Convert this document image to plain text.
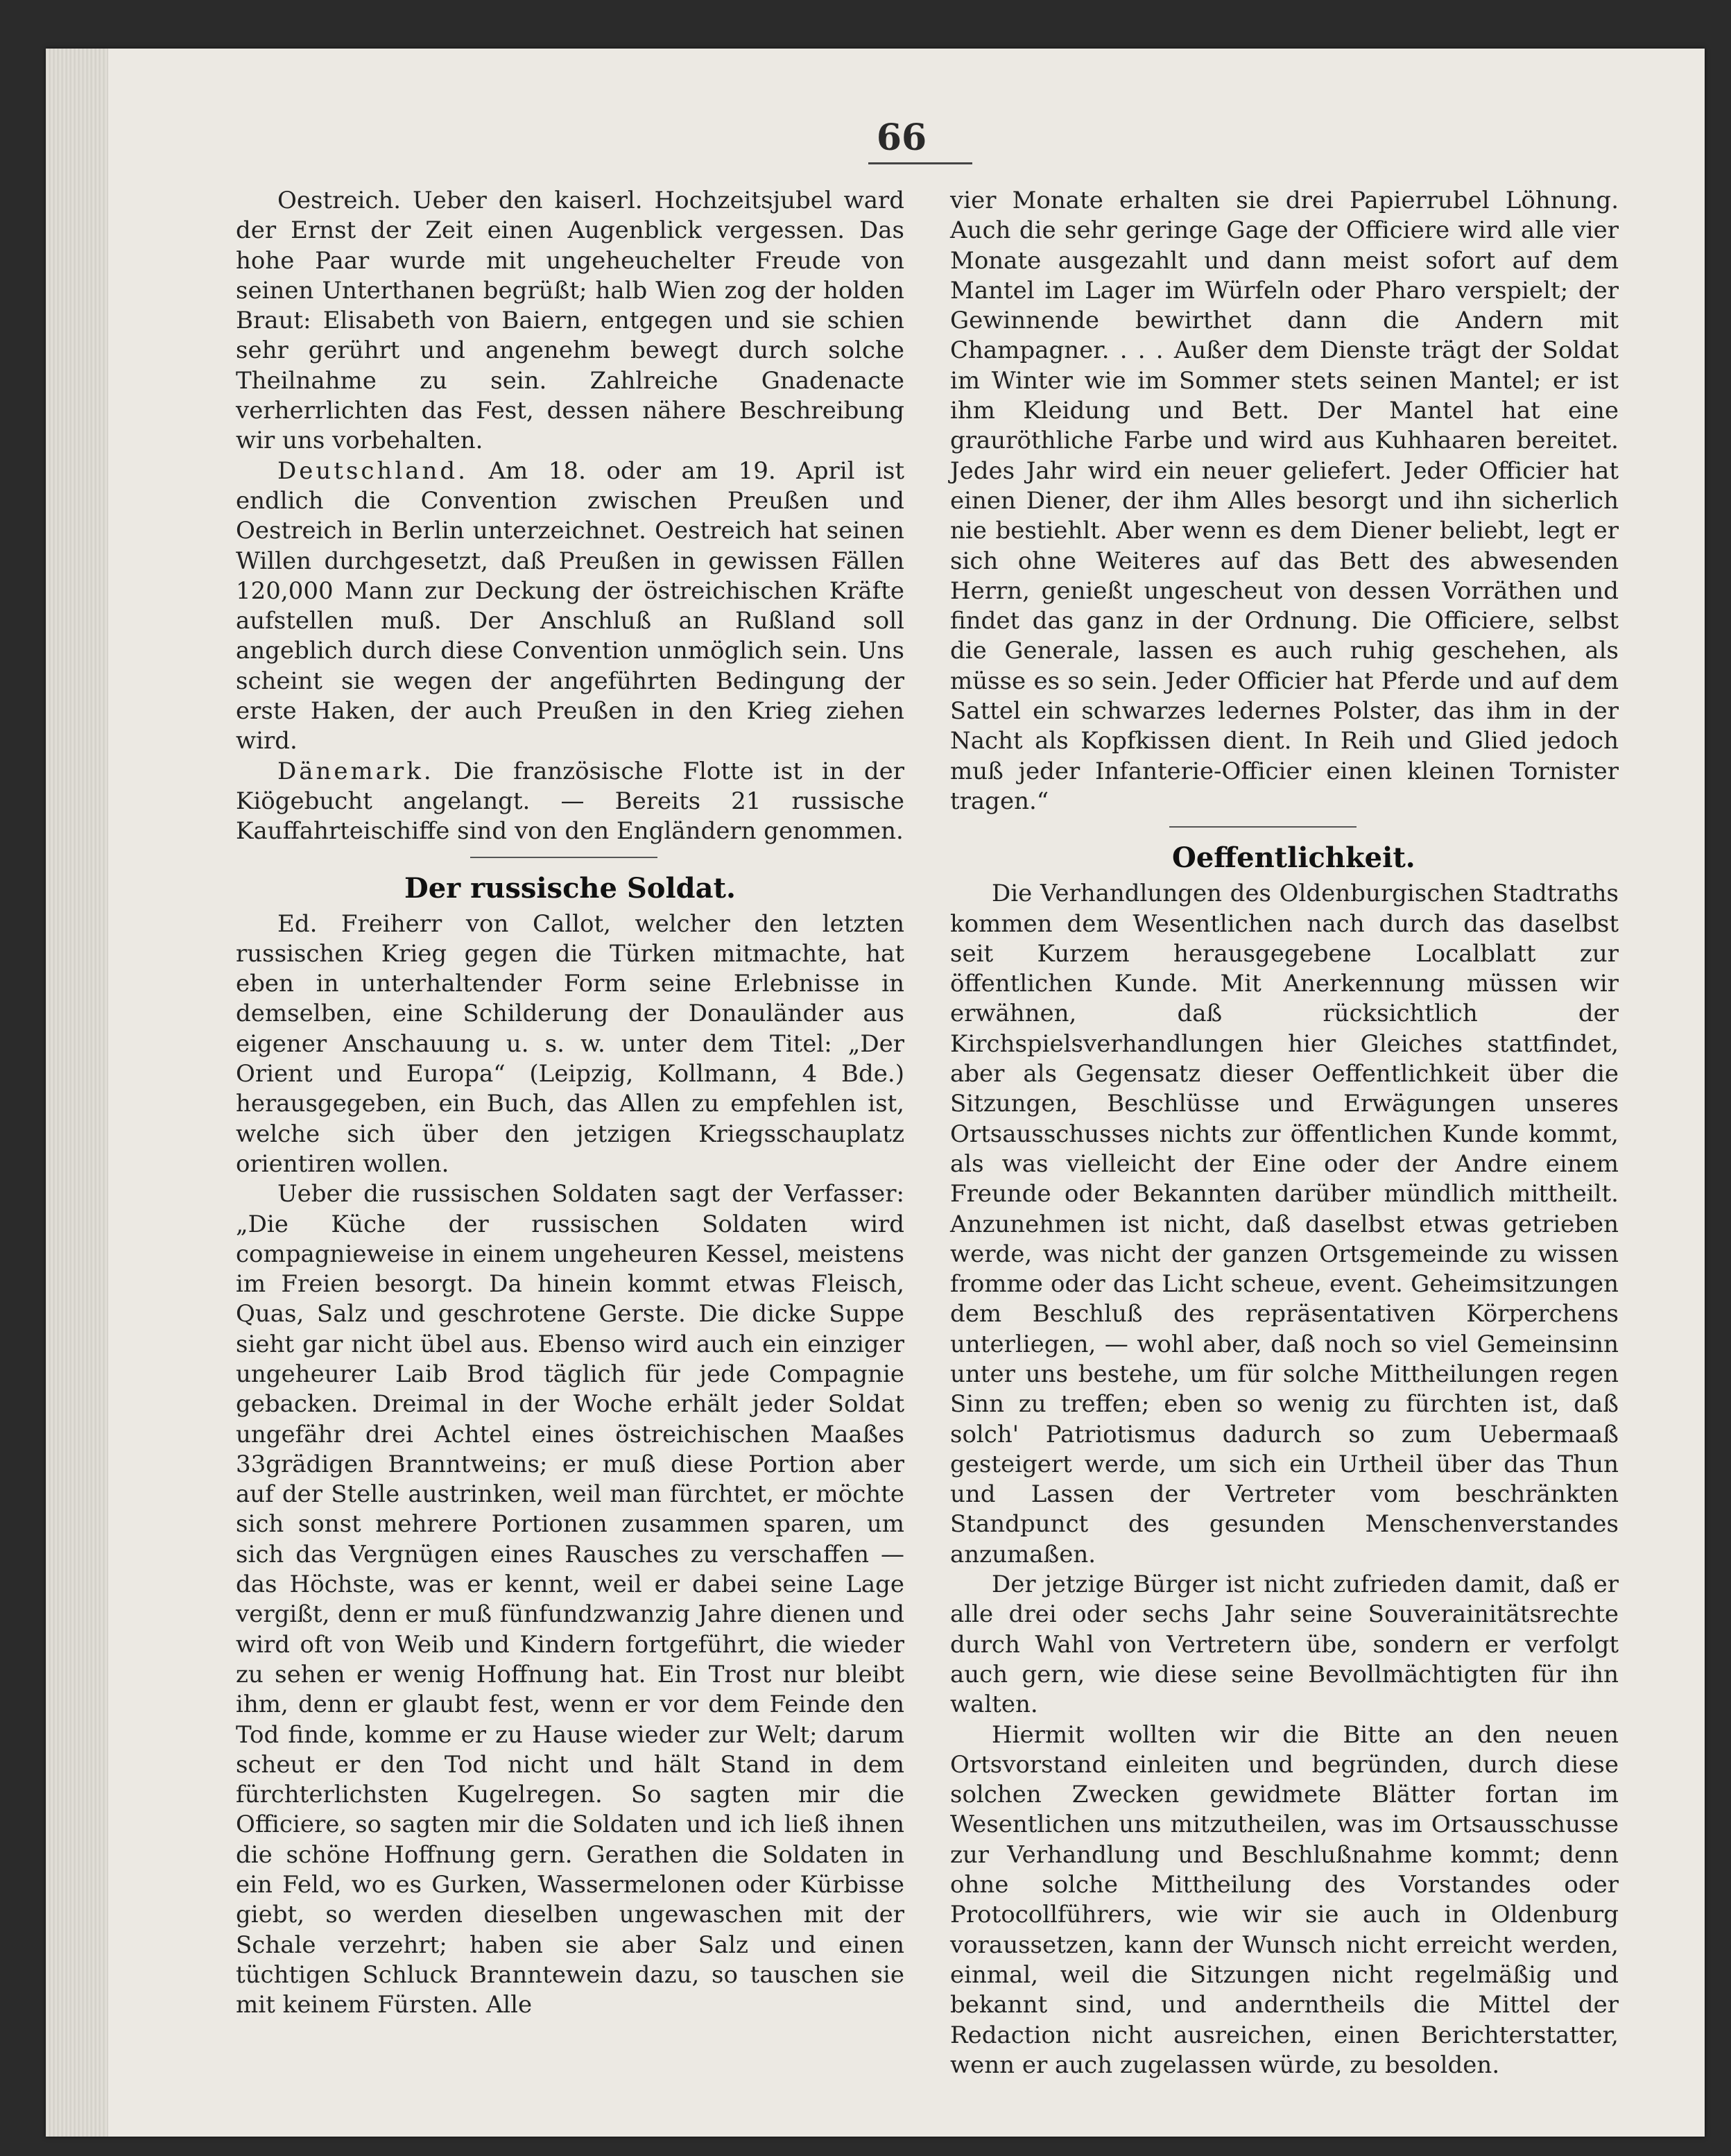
66

Oestreich. Ueber den kaiserl. Hochzeitsjubel ward der Ernst der Zeit einen Augenblick vergessen. Das hohe Paar wurde mit ungeheuchelter Freude von seinen Unterthanen begrüßt; halb Wien zog der holden Braut: Elisabeth von Baiern, entgegen und sie schien sehr gerührt und angenehm bewegt durch solche Theilnahme zu sein. Zahlreiche Gnadenacte verherrlichten das Fest, dessen nähere Beschreibung wir uns vorbehalten.

Deutschland. Am 18. oder am 19. April ist endlich die Convention zwischen Preußen und Oestreich in Berlin unterzeichnet. Oestreich hat seinen Willen durchgesetzt, daß Preußen in gewissen Fällen 120,000 Mann zur Deckung der östreichischen Kräfte aufstellen muß. Der Anschluß an Rußland soll angeblich durch diese Convention unmöglich sein. Uns scheint sie wegen der angeführten Bedingung der erste Haken, der auch Preußen in den Krieg ziehen wird.

Dänemark. Die französische Flotte ist in der Kiögebucht angelangt. — Bereits 21 russische Kauffahrteischiffe sind von den Engländern genommen.

Der russische Soldat.

Ed. Freiherr von Callot, welcher den letzten russischen Krieg gegen die Türken mitmachte, hat eben in unterhaltender Form seine Erlebnisse in demselben, eine Schilderung der Donauländer aus eigener Anschauung u. s. w. unter dem Titel: „Der Orient und Europa“ (Leipzig, Kollmann, 4 Bde.) herausgegeben, ein Buch, das Allen zu empfehlen ist, welche sich über den jetzigen Kriegsschauplatz orientiren wollen.

Ueber die russischen Soldaten sagt der Verfasser: „Die Küche der russischen Soldaten wird compagnieweise in einem ungeheuren Kessel, meistens im Freien besorgt. Da hinein kommt etwas Fleisch, Quas, Salz und geschrotene Gerste. Die dicke Suppe sieht gar nicht übel aus. Ebenso wird auch ein einziger ungeheurer Laib Brod täglich für jede Compagnie gebacken. Dreimal in der Woche erhält jeder Soldat ungefähr drei Achtel eines östreichischen Maaßes 33grädigen Branntweins; er muß diese Portion aber auf der Stelle austrinken, weil man fürchtet, er möchte sich sonst mehrere Portionen zusammen sparen, um sich das Vergnügen eines Rausches zu verschaffen — das Höchste, was er kennt, weil er dabei seine Lage vergißt, denn er muß fünfundzwanzig Jahre dienen und wird oft von Weib und Kindern fortgeführt, die wieder zu sehen er wenig Hoffnung hat. Ein Trost nur bleibt ihm, denn er glaubt fest, wenn er vor dem Feinde den Tod finde, komme er zu Hause wieder zur Welt; darum scheut er den Tod nicht und hält Stand in dem fürchterlichsten Kugelregen. So sagten mir die Officiere, so sagten mir die Soldaten und ich ließ ihnen die schöne Hoffnung gern. Gerathen die Soldaten in ein Feld, wo es Gurken, Wassermelonen oder Kürbisse giebt, so werden dieselben ungewaschen mit der Schale verzehrt; haben sie aber Salz und einen tüchtigen Schluck Branntewein dazu, so tauschen sie mit keinem Fürsten. Alle

vier Monate erhalten sie drei Papierrubel Löhnung. Auch die sehr geringe Gage der Officiere wird alle vier Monate ausgezahlt und dann meist sofort auf dem Mantel im Lager im Würfeln oder Pharo verspielt; der Gewinnende bewirthet dann die Andern mit Champagner. . . . Außer dem Dienste trägt der Soldat im Winter wie im Sommer stets seinen Mantel; er ist ihm Kleidung und Bett. Der Mantel hat eine grauröthliche Farbe und wird aus Kuhhaaren bereitet. Jedes Jahr wird ein neuer geliefert. Jeder Officier hat einen Diener, der ihm Alles besorgt und ihn sicherlich nie bestiehlt. Aber wenn es dem Diener beliebt, legt er sich ohne Weiteres auf das Bett des abwesenden Herrn, genießt ungescheut von dessen Vorräthen und findet das ganz in der Ordnung. Die Officiere, selbst die Generale, lassen es auch ruhig geschehen, als müsse es so sein. Jeder Officier hat Pferde und auf dem Sattel ein schwarzes ledernes Polster, das ihm in der Nacht als Kopfkissen dient. In Reih und Glied jedoch muß jeder Infanterie-Officier einen kleinen Tornister tragen.“

Oeffentlichkeit.

Die Verhandlungen des Oldenburgischen Stadtraths kommen dem Wesentlichen nach durch das daselbst seit Kurzem herausgegebene Localblatt zur öffentlichen Kunde. Mit Anerkennung müssen wir erwähnen, daß rücksichtlich der Kirchspielsverhandlungen hier Gleiches stattfindet, aber als Gegensatz dieser Oeffentlichkeit über die Sitzungen, Beschlüsse und Erwägungen unseres Ortsausschusses nichts zur öffentlichen Kunde kommt, als was vielleicht der Eine oder der Andre einem Freunde oder Bekannten darüber mündlich mittheilt. Anzunehmen ist nicht, daß daselbst etwas getrieben werde, was nicht der ganzen Ortsgemeinde zu wissen fromme oder das Licht scheue, event. Geheimsitzungen dem Beschluß des repräsentativen Körperchens unterliegen, — wohl aber, daß noch so viel Gemeinsinn unter uns bestehe, um für solche Mittheilungen regen Sinn zu treffen; eben so wenig zu fürchten ist, daß solch' Patriotismus dadurch so zum Uebermaaß gesteigert werde, um sich ein Urtheil über das Thun und Lassen der Vertreter vom beschränkten Standpunct des gesunden Menschenverstandes anzumaßen.

Der jetzige Bürger ist nicht zufrieden damit, daß er alle drei oder sechs Jahr seine Souverainitätsrechte durch Wahl von Vertretern übe, sondern er verfolgt auch gern, wie diese seine Bevollmächtigten für ihn walten.

Hiermit wollten wir die Bitte an den neuen Ortsvorstand einleiten und begründen, durch diese solchen Zwecken gewidmete Blätter fortan im Wesentlichen uns mitzutheilen, was im Ortsausschusse zur Verhandlung und Beschlußnahme kommt; denn ohne solche Mittheilung des Vorstandes oder Protocollführers, wie wir sie auch in Oldenburg voraussetzen, kann der Wunsch nicht erreicht werden, einmal, weil die Sitzungen nicht regelmäßig und bekannt sind, und anderntheils die Mittel der Redaction nicht ausreichen, einen Berichterstatter, wenn er auch zugelassen würde, zu besolden.
